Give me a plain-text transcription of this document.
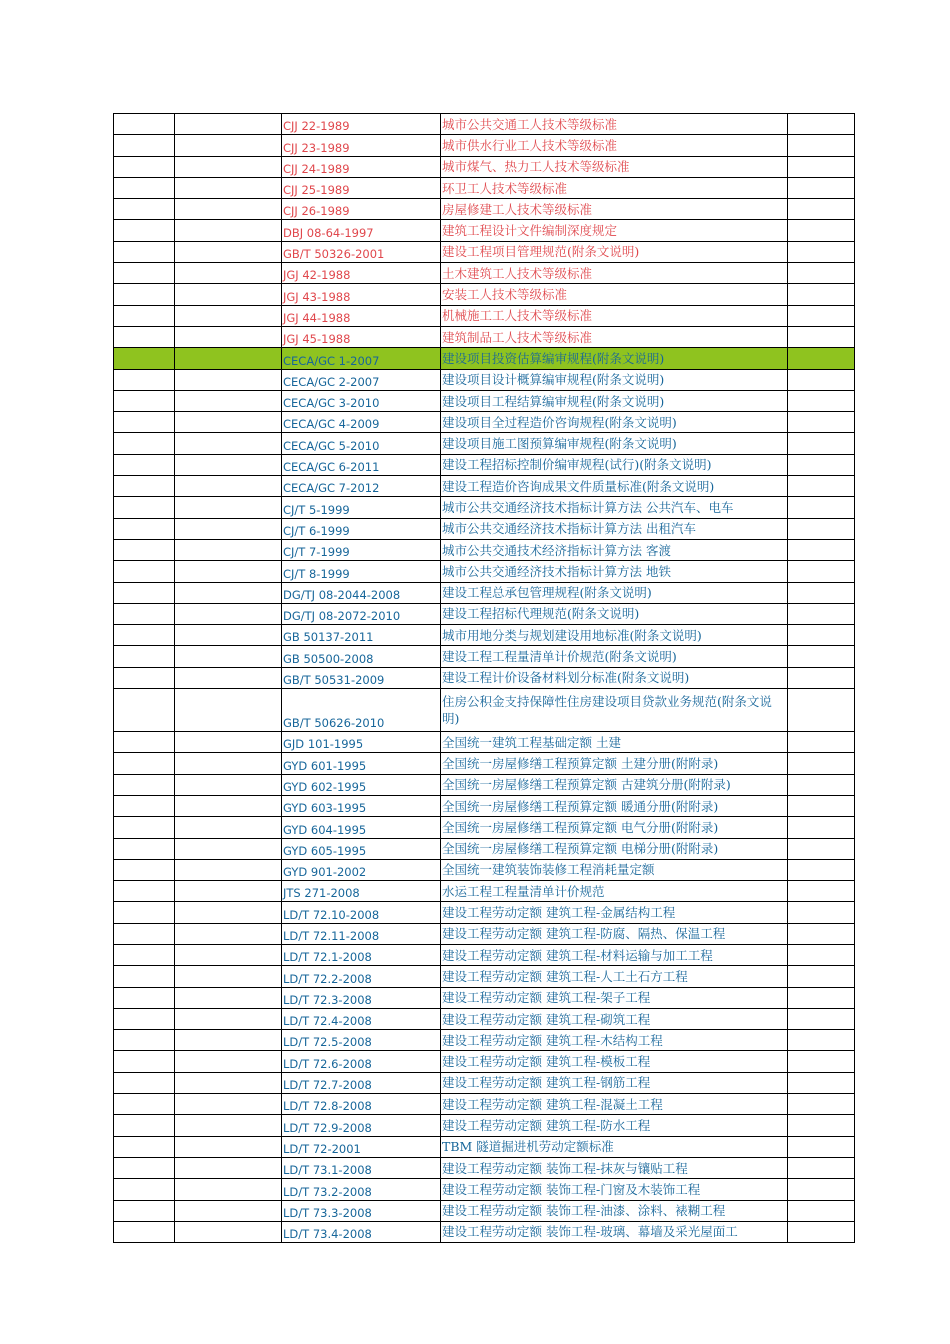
		CJJ 22-1989	城市公共交通工人技术等级标准	
		CJJ 23-1989	城市供水行业工人技术等级标准	
		CJJ 24-1989	城市煤气、热力工人技术等级标准	
		CJJ 25-1989	环卫工人技术等级标准	
		CJJ 26-1989	房屋修建工人技术等级标准	
		DBJ 08-64-1997	建筑工程设计文件编制深度规定	
		GB/T 50326-2001	建设工程项目管理规范(附条文说明)	
		JGJ 42-1988	土木建筑工人技术等级标准	
		JGJ 43-1988	安装工人技术等级标准	
		JGJ 44-1988	机械施工工人技术等级标准	
		JGJ 45-1988	建筑制品工人技术等级标准	
		CECA/GC 1-2007	建设项目投资估算编审规程(附条文说明)	
		CECA/GC 2-2007	建设项目设计概算编审规程(附条文说明)	
		CECA/GC 3-2010	建设项目工程结算编审规程(附条文说明)	
		CECA/GC 4-2009	建设项目全过程造价咨询规程(附条文说明)	
		CECA/GC 5-2010	建设项目施工图预算编审规程(附条文说明)	
		CECA/GC 6-2011	建设工程招标控制价编审规程(试行)(附条文说明)	
		CECA/GC 7-2012	建设工程造价咨询成果文件质量标准(附条文说明)	
		CJ/T 5-1999	城市公共交通经济技术指标计算方法 公共汽车、电车	
		CJ/T 6-1999	城市公共交通经济技术指标计算方法 出租汽车	
		CJ/T 7-1999	城市公共交通技术经济指标计算方法 客渡	
		CJ/T 8-1999	城市公共交通经济技术指标计算方法 地铁	
		DG/TJ 08-2044-2008	建设工程总承包管理规程(附条文说明)	
		DG/TJ 08-2072-2010	建设工程招标代理规范(附条文说明)	
		GB 50137-2011	城市用地分类与规划建设用地标准(附条文说明)	
		GB 50500-2008	建设工程工程量清单计价规范(附条文说明)	
		GB/T 50531-2009	建设工程计价设备材料划分标准(附条文说明)	
		GB/T 50626-2010	住房公积金支持保障性住房建设项目贷款业务规范(附条文说明)	
		GJD 101-1995	全国统一建筑工程基础定额 土建	
		GYD 601-1995	全国统一房屋修缮工程预算定额 土建分册(附附录)	
		GYD 602-1995	全国统一房屋修缮工程预算定额 古建筑分册(附附录)	
		GYD 603-1995	全国统一房屋修缮工程预算定额 暖通分册(附附录)	
		GYD 604-1995	全国统一房屋修缮工程预算定额 电气分册(附附录)	
		GYD 605-1995	全国统一房屋修缮工程预算定额 电梯分册(附附录)	
		GYD 901-2002	全国统一建筑装饰装修工程消耗量定额	
		JTS 271-2008	水运工程工程量清单计价规范	
		LD/T 72.10-2008	建设工程劳动定额 建筑工程-金属结构工程	
		LD/T 72.11-2008	建设工程劳动定额 建筑工程-防腐、隔热、保温工程	
		LD/T 72.1-2008	建设工程劳动定额 建筑工程-材料运输与加工工程	
		LD/T 72.2-2008	建设工程劳动定额 建筑工程-人工土石方工程	
		LD/T 72.3-2008	建设工程劳动定额 建筑工程-架子工程	
		LD/T 72.4-2008	建设工程劳动定额 建筑工程-砌筑工程	
		LD/T 72.5-2008	建设工程劳动定额 建筑工程-木结构工程	
		LD/T 72.6-2008	建设工程劳动定额 建筑工程-模板工程	
		LD/T 72.7-2008	建设工程劳动定额 建筑工程-钢筋工程	
		LD/T 72.8-2008	建设工程劳动定额 建筑工程-混凝土工程	
		LD/T 72.9-2008	建设工程劳动定额 建筑工程-防水工程	
		LD/T 72-2001	TBM 隧道掘进机劳动定额标准	
		LD/T 73.1-2008	建设工程劳动定额 装饰工程-抹灰与镶贴工程	
		LD/T 73.2-2008	建设工程劳动定额 装饰工程-门窗及木装饰工程	
		LD/T 73.3-2008	建设工程劳动定额 装饰工程-油漆、涂料、裱糊工程	
		LD/T 73.4-2008	建设工程劳动定额 装饰工程-玻璃、幕墙及采光屋面工	
